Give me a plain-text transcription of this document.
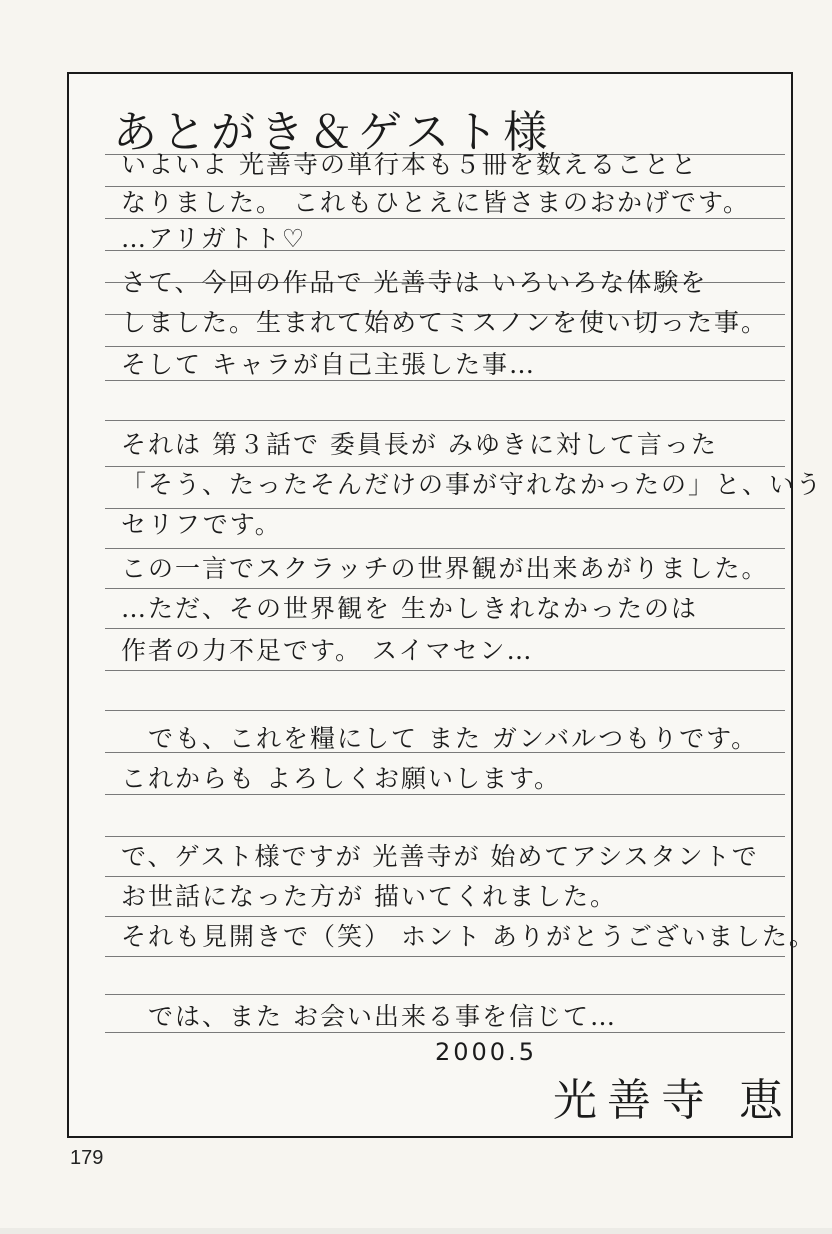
あとがき＆ゲスト様
いよいよ 光善寺の単行本も５冊を数えることと
なりました。 これもひとえに皆さまのおかげです。
…アリガトト♡
さて、今回の作品で 光善寺は いろいろな体験を
しました。生まれて始めてミスノンを使い切った事。
そして キャラが自己主張した事…
それは 第３話で 委員長が みゆきに対して言った
「そう、たったそんだけの事が守れなかったの」と、いう
セリフです。
この一言でスクラッチの世界観が出来あがりました。
…ただ、その世界観を 生かしきれなかったのは
作者の力不足です。 スイマセン…
　でも、これを糧にして また ガンバルつもりです。
これからも よろしくお願いします。
で、ゲスト様ですが 光善寺が 始めてアシスタントで
お世話になった方が 描いてくれました。
それも見開きで（笑） ホント ありがとうございました。
　では、また お会い出来る事を信じて…
2000.5
光善寺 恵
179
